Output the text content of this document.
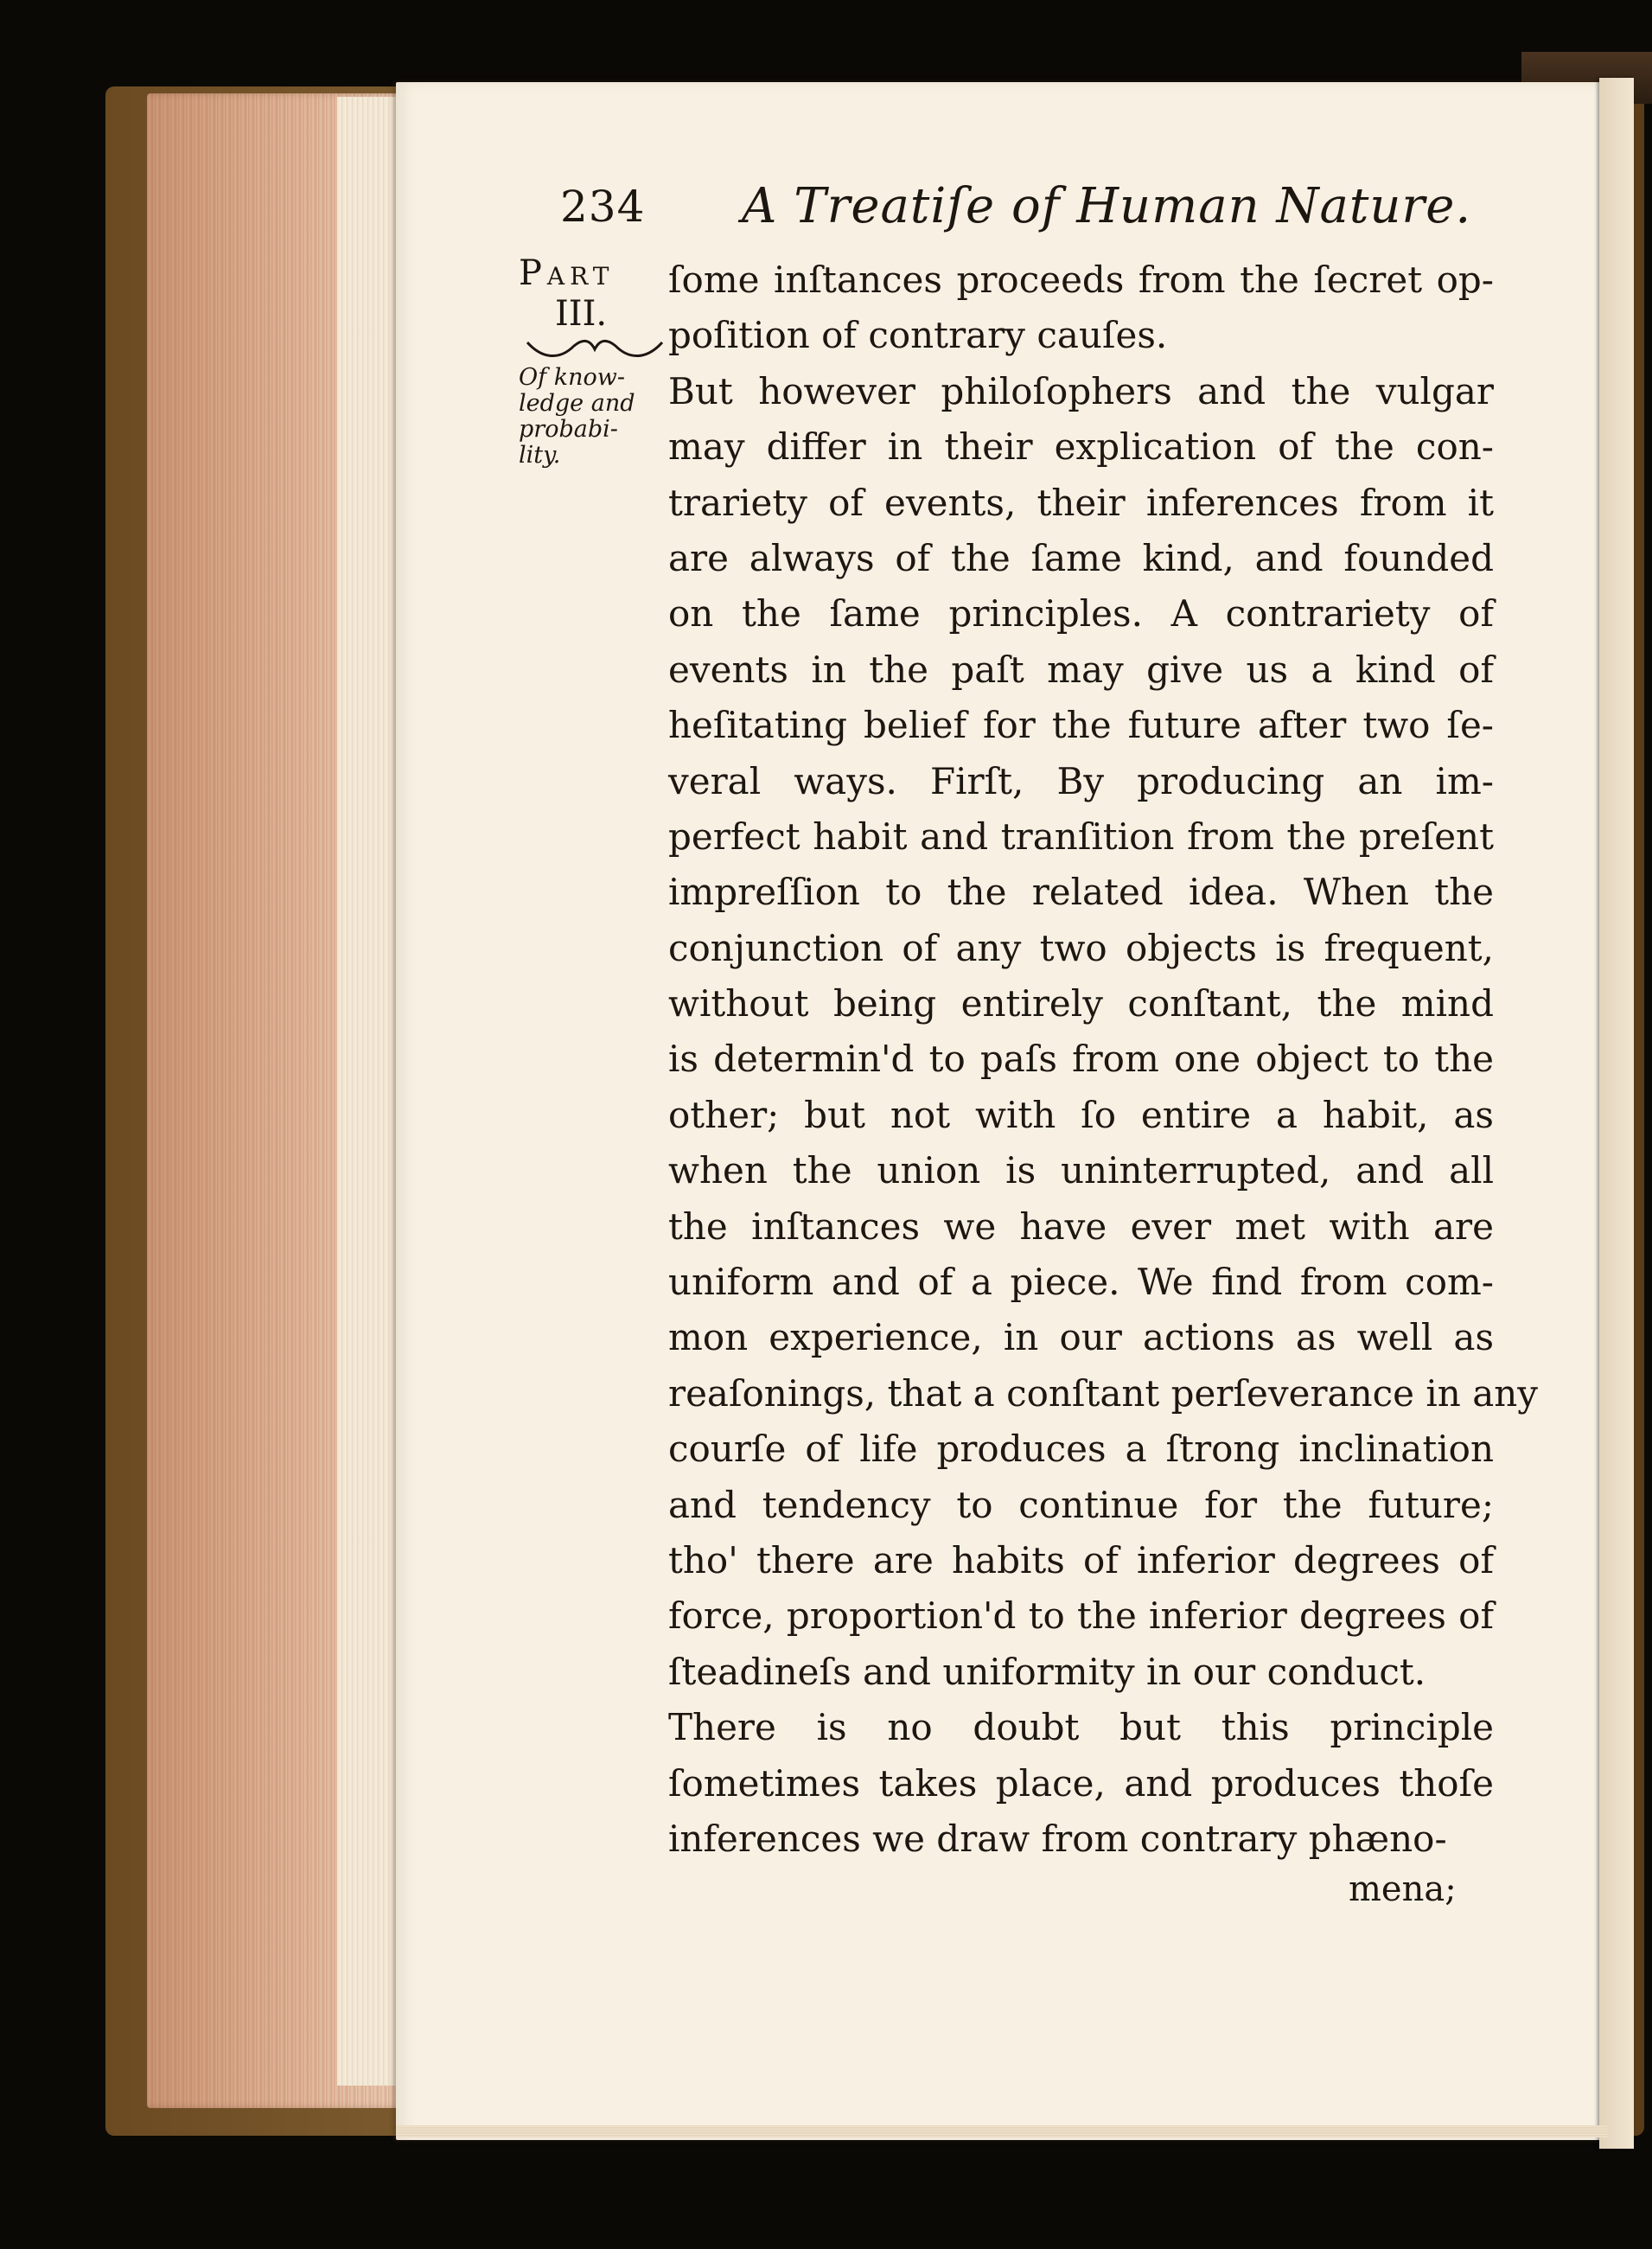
234 A Treatiſe of Human Nature.
Part
III.
Of know-
ledge and
probabi-
lity.
ſome inſtances proceeds from the ſecret op-
poſition of contrary cauſes.
But however philoſophers and the vulgar
may differ in their explication of the con-
trariety of events, their inferences from it
are always of the ſame kind, and founded
on the ſame principles. A contrariety of
events in the paſt may give us a kind of
heſitating belief for the future after two ſe-
veral ways. Firſt, By producing an im-
perfect habit and tranſition from the preſent
impreſſion to the related idea. When the
conjunction of any two objects is frequent,
without being entirely conſtant, the mind
is determin'd to paſs from one object to the
other; but not with ſo entire a habit, as
when the union is uninterrupted, and all
the inſtances we have ever met with are
uniform and of a piece. We find from com-
mon experience, in our actions as well as
reaſonings, that a conſtant perſeverance in any
courſe of life produces a ſtrong inclination
and tendency to continue for the future;
tho' there are habits of inferior degrees of
force, proportion'd to the inferior degrees of
ſteadineſs and uniformity in our conduct.
There is no doubt but this principle
ſometimes takes place, and produces thoſe
inferences we draw from contrary phæno-
mena;
